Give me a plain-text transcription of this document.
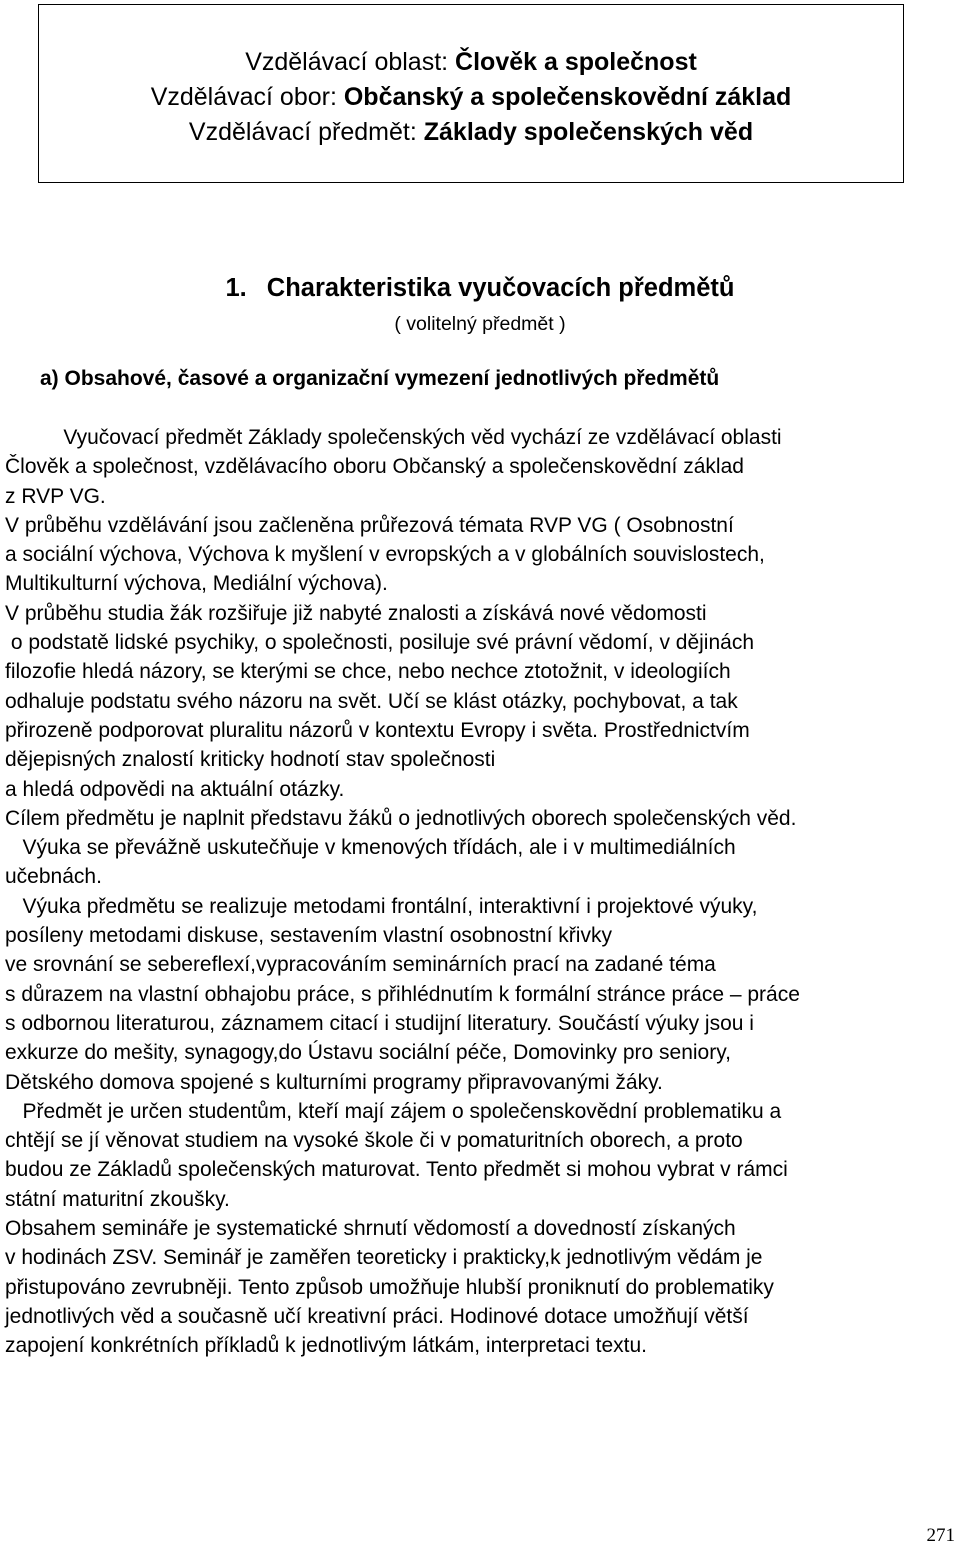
Vzdělávací oblast: Člověk a společnost
Vzdělávací obor: Občanský a společenskovědní základ
Vzdělávací předmět: Základy společenských věd
1. Charakteristika vyučovacích předmětů
( volitelný předmět )
a) Obsahové, časové a organizační vymezení jednotlivých předmětů
Vyučovací předmět Základy společenských věd vychází ze vzdělávací oblasti
Člověk a společnost, vzdělávacího oboru Občanský a společenskovědní základ
z RVP VG.
V průběhu vzdělávání jsou začleněna průřezová témata RVP VG ( Osobnostní
a sociální výchova, Výchova k myšlení v evropských a v globálních souvislostech,
Multikulturní výchova, Mediální výchova).
V průběhu studia žák rozšiřuje již nabyté znalosti a získává nové vědomosti
o podstatě lidské psychiky, o společnosti, posiluje své právní vědomí, v dějinách
filozofie hledá názory, se kterými se chce, nebo nechce ztotožnit, v ideologiích
odhaluje podstatu svého názoru na svět. Učí se klást otázky, pochybovat, a tak
přirozeně podporovat pluralitu názorů v kontextu Evropy i světa. Prostřednictvím
dějepisných znalostí kriticky hodnotí stav společnosti
a hledá odpovědi na aktuální otázky.
Cílem předmětu je naplnit představu žáků o jednotlivých oborech společenských věd.
Výuka se převážně uskutečňuje v kmenových třídách, ale i v multimediálních
učebnách.
Výuka předmětu se realizuje metodami frontální, interaktivní i projektové výuky,
posíleny metodami diskuse, sestavením vlastní osobnostní křivky
ve srovnání se sebereflexí,vypracováním seminárních prací na zadané téma
s důrazem na vlastní obhajobu práce, s přihlédnutím k formální stránce práce – práce
s odbornou literaturou, záznamem citací i studijní literatury. Součástí výuky jsou i
exkurze do mešity, synagogy,do Ústavu sociální péče, Domovinky pro seniory,
Dětského domova spojené s kulturními programy připravovanými žáky.
Předmět je určen studentům, kteří mají zájem o společenskovědní problematiku a
chtějí se jí věnovat studiem na vysoké škole či v pomaturitních oborech, a proto
budou ze Základů společenských maturovat. Tento předmět si mohou vybrat v rámci
státní maturitní zkoušky.
Obsahem semináře je systematické shrnutí vědomostí a dovedností získaných
v hodinách ZSV. Seminář je zaměřen teoreticky i prakticky,k jednotlivým vědám je
přistupováno zevrubněji. Tento způsob umožňuje hlubší proniknutí do problematiky
jednotlivých věd a současně učí kreativní práci. Hodinové dotace umožňují větší
zapojení konkrétních příkladů k jednotlivým látkám, interpretaci textu.
271
